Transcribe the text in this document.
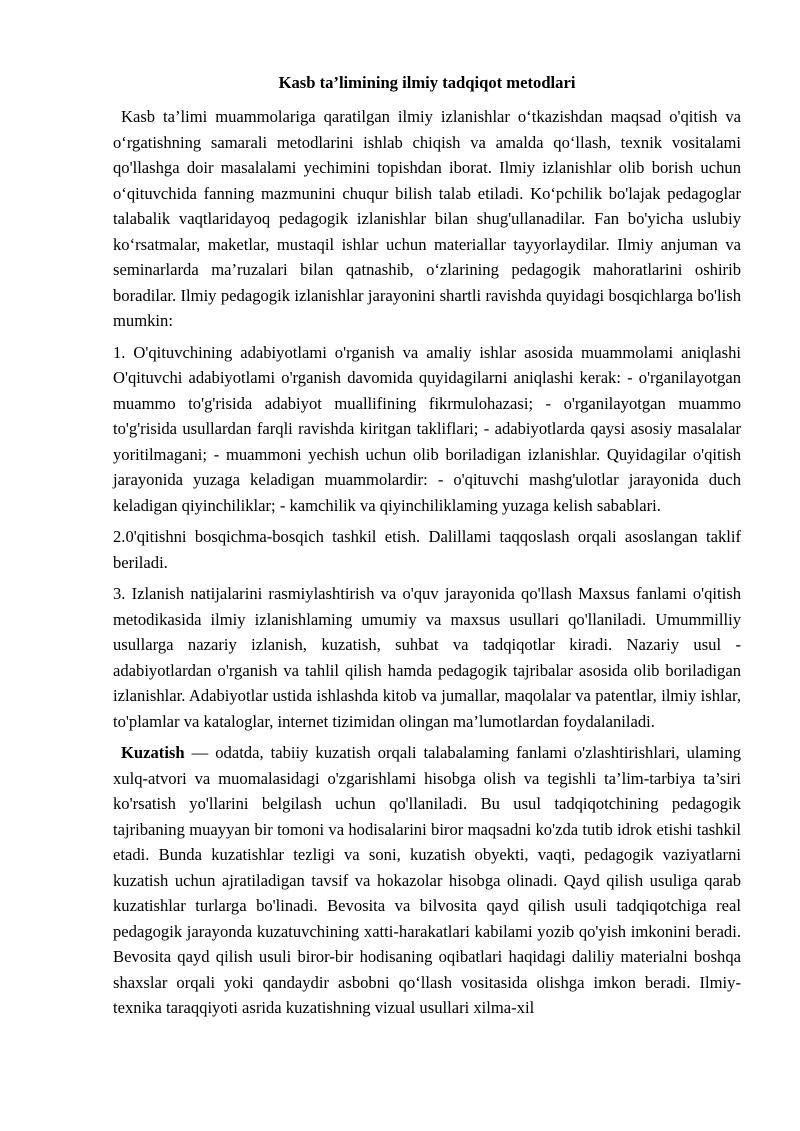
Kasb ta’limining ilmiy tadqiqot metodlari

Kasb ta’limi muammolariga qaratilgan ilmiy izlanishlar o‘tkazishdan maqsad o'qitish va o‘rgatishning samarali metodlarini ishlab chiqish va amalda qo‘llash, texnik vositalami qo'llashga doir masalalami yechimini topishdan iborat. Ilmiy izlanishlar olib borish uchun o‘qituvchida fanning mazmunini chuqur bilish talab etiladi. Ko‘pchilik bo'lajak pedagoglar talabalik vaqtlaridayoq pedagogik izlanishlar bilan shug'ullanadilar. Fan bo'yicha uslubiy ko‘rsatmalar, maketlar, mustaqil ishlar uchun materiallar tayyorlaydilar. Ilmiy anjuman va seminarlarda ma’ruzalari bilan qatnashib, o‘zlarining pedagogik mahoratlarini oshirib boradilar. Ilmiy pedagogik izlanishlar jarayonini shartli ravishda quyidagi bosqichlarga bo'lish mumkin:

1. O'qituvchining adabiyotlami o'rganish va amaliy ishlar asosida muammolami aniqlashi O'qituvchi adabiyotlami o'rganish davomida quyidagilarni aniqlashi kerak: - o'rganilayotgan muammo to'g'risida adabiyot muallifining fikrmulohazasi; - o'rganilayotgan muammo to'g'risida usullardan farqli ravishda kiritgan takliflari; - adabiyotlarda qaysi asosiy masalalar yoritilmagani; - muammoni yechish uchun olib boriladigan izlanishlar. Quyidagilar o'qitish jarayonida yuzaga keladigan muammolardir: - o'qituvchi mashg'ulotlar jarayonida duch keladigan qiyinchiliklar; - kamchilik va qiyinchiliklaming yuzaga kelish sabablari.

2.0'qitishni bosqichma-bosqich tashkil etish. Dalillami taqqoslash orqali asoslangan taklif beriladi.

3. Izlanish natijalarini rasmiylashtirish va o'quv jarayonida qo'llash Maxsus fanlami o'qitish metodikasida ilmiy izlanishlaming umumiy va maxsus usullari qo'llaniladi. Umummilliy usullarga nazariy izlanish, kuzatish, suhbat va tadqiqotlar kiradi. Nazariy usul - adabiyotlardan o'rganish va tahlil qilish hamda pedagogik tajribalar asosida olib boriladigan izlanishlar. Adabiyotlar ustida ishlashda kitob va jumallar, maqolalar va patentlar, ilmiy ishlar, to'plamlar va kataloglar, internet tizimidan olingan ma’lumotlardan foydalaniladi.

Kuzatish — odatda, tabiiy kuzatish orqali talabalaming fanlami o'zlashtirishlari, ulaming xulq-atvori va muomalasidagi o'zgarishlami hisobga olish va tegishli ta’lim-tarbiya ta’siri ko'rsatish yo'llarini belgilash uchun qo'llaniladi. Bu usul tadqiqotchining pedagogik tajribaning muayyan bir tomoni va hodisalarini biror maqsadni ko'zda tutib idrok etishi tashkil etadi. Bunda kuzatishlar tezligi va soni, kuzatish obyekti, vaqti, pedagogik vaziyatlarni kuzatish uchun ajratiladigan tavsif va hokazolar hisobga olinadi. Qayd qilish usuliga qarab kuzatishlar turlarga bo'linadi. Bevosita va bilvosita qayd qilish usuli tadqiqotchiga real pedagogik jarayonda kuzatuvchining xatti-harakatlari kabilami yozib qo'yish imkonini beradi. Bevosita qayd qilish usuli biror-bir hodisaning oqibatlari haqidagi daliliy materialni boshqa shaxslar orqali yoki qandaydir asbobni qo‘llash vositasida olishga imkon beradi. Ilmiy-texnika taraqqiyoti asrida kuzatishning vizual usullari xilma-xil
